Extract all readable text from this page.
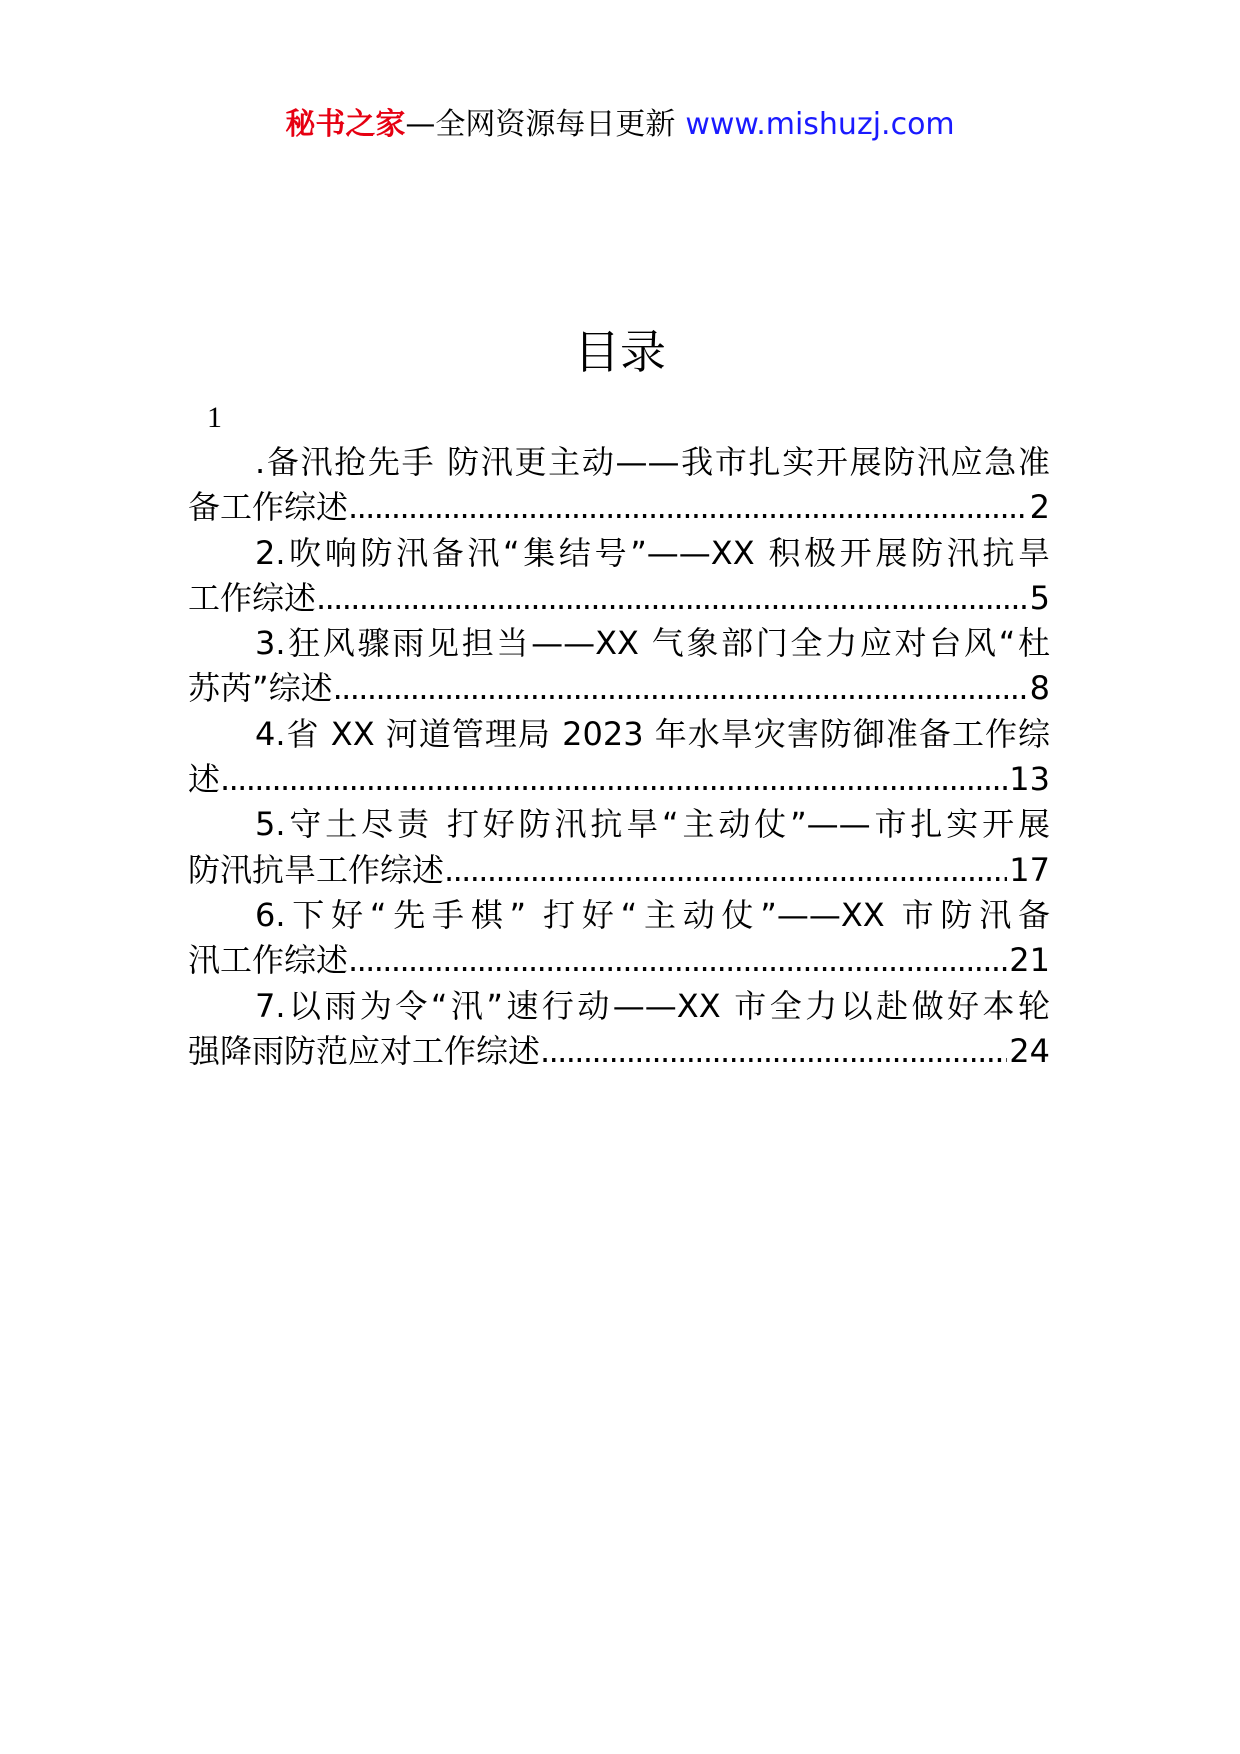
秘书之家—全网资源每日更新 www.mishuzj.com
目录
1
.备汛抢先手 防汛更主动——我市扎实开展防汛应急准
备工作综述 .....	2
2.吹响防汛备汛“集结号”——XX 积极开展防汛抗旱
工作综述 .....	5
3.狂风骤雨见担当——XX 气象部门全力应对台风“杜
苏芮”综述 .....	8
4.省 XX 河道管理局 2023 年水旱灾害防御准备工作综
述 .....	13
5.守土尽责 打好防汛抗旱“主动仗”——市扎实开展
防汛抗旱工作综述 .....	17
6.下好“先手棋” 打好“主动仗”——XX 市防汛备
汛工作综述 .....	21
7.以雨为令“汛”速行动——XX 市全力以赴做好本轮
强降雨防范应对工作综述 .....	24
